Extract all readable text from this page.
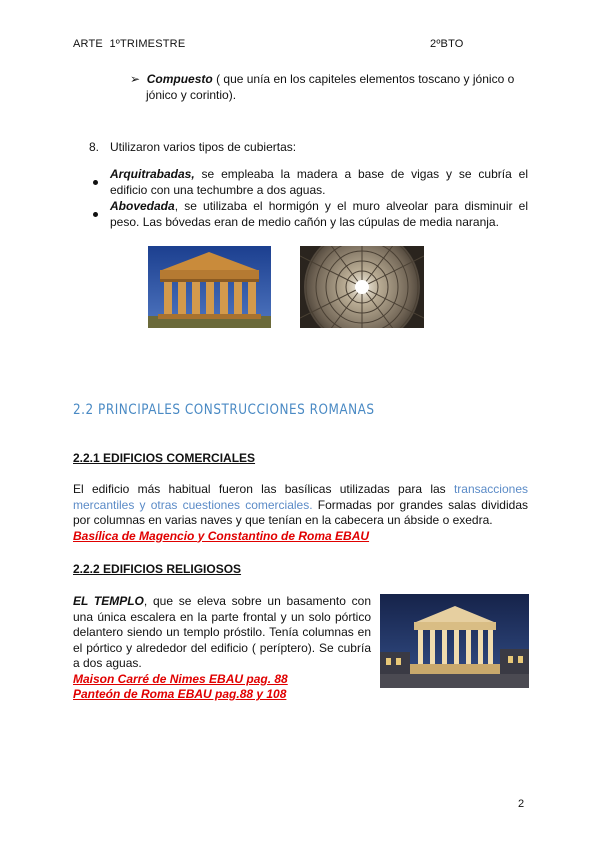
ARTE 1ºTRIMESTRE	2ºBTO
➢ Compuesto ( que unía en los capiteles elementos toscano y jónico o
jónico y corintio).
8. Utilizaron varios tipos de cubiertas:
Arquitrabadas, se empleaba la madera a base de vigas y se cubría el
edificio con una techumbre a dos aguas.
Abovedada, se utilizaba el hormigón y el muro alveolar para disminuir el
peso. Las bóvedas eran de medio cañón y las cúpulas de media naranja.
2.2 PRINCIPALES CONSTRUCCIONES ROMANAS
2.2.1 EDIFICIOS COMERCIALES
El edificio más habitual fueron las basílicas utilizadas para las transacciones
mercantiles y otras cuestiones comerciales. Formadas por grandes salas divididas
por columnas en varias naves y que tenían en la cabecera un ábside o exedra.
Basílica de Magencio y Constantino de Roma EBAU
2.2.2 EDIFICIOS RELIGIOSOS
EL TEMPLO, que se eleva sobre un basamento con
una única escalera en la parte frontal y un solo pórtico
delantero siendo un templo próstilo. Tenía columnas en
el pórtico y alrededor del edificio ( períptero). Se cubría
a dos aguas.
Maison Carré de Nimes EBAU pag. 88
Panteón de Roma EBAU pag.88 y 108
2
